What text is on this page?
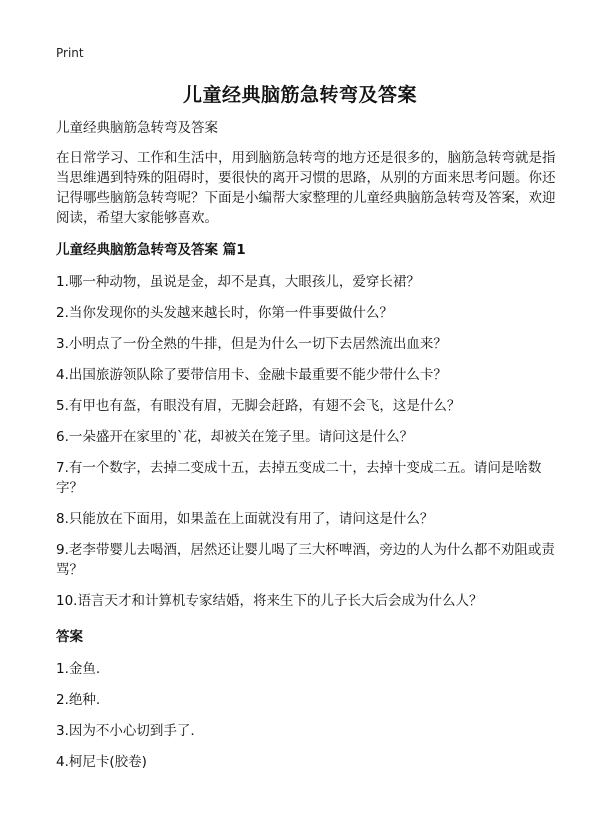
Print
儿童经典脑筋急转弯及答案
儿童经典脑筋急转弯及答案
在日常学习、工作和生活中，用到脑筋急转弯的地方还是很多的，脑筋急转弯就是指当思维遇到特殊的阻碍时，要很快的离开习惯的思路，从别的方面来思考问题。你还记得哪些脑筋急转弯呢？下面是小编帮大家整理的儿童经典脑筋急转弯及答案，欢迎阅读，希望大家能够喜欢。
儿童经典脑筋急转弯及答案 篇1
1.哪一种动物，虽说是金，却不是真，大眼孩儿，爱穿长裙？
2.当你发现你的头发越来越长时，你第一件事要做什么？
3.小明点了一份全熟的牛排，但是为什么一切下去居然流出血来？
4.出国旅游领队除了要带信用卡、金融卡最重要不能少带什么卡？
5.有甲也有盔，有眼没有眉，无脚会赶路，有翅不会飞，这是什么？
6.一朵盛开在家里的`花，却被关在笼子里。请问这是什么？
7.有一个数字，去掉二变成十五，去掉五变成二十，去掉十变成二五。请问是啥数字？
8.只能放在下面用，如果盖在上面就没有用了，请问这是什么？
9.老李带婴儿去喝酒，居然还让婴儿喝了三大杯啤酒，旁边的人为什么都不劝阻或责骂？
10.语言天才和计算机专家结婚，将来生下的儿子长大后会成为什么人？
答案
1.金鱼.
2.绝种.
3.因为不小心切到手了.
4.柯尼卡(胶卷)
